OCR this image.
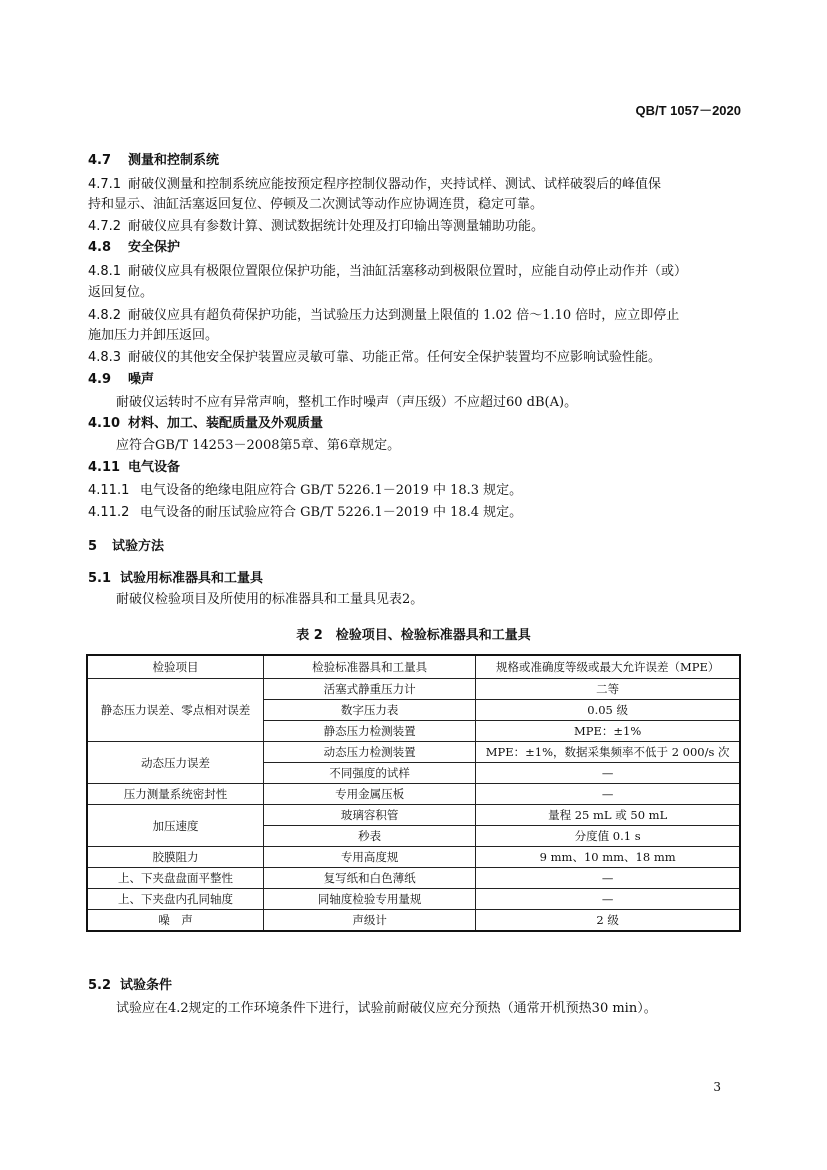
QB/T 1057－2020
4.7 测量和控制系统
4.7.1 耐破仪测量和控制系统应能按预定程序控制仪器动作，夹持试样、测试、试样破裂后的峰值保
持和显示、油缸活塞返回复位、停顿及二次测试等动作应协调连贯，稳定可靠。
4.7.2 耐破仪应具有参数计算、测试数据统计处理及打印输出等测量辅助功能。
4.8 安全保护
4.8.1 耐破仪应具有极限位置限位保护功能，当油缸活塞移动到极限位置时，应能自动停止动作并（或）
返回复位。
4.8.2 耐破仪应具有超负荷保护功能，当试验压力达到测量上限值的 1.02 倍～1.10 倍时，应立即停止
施加压力并卸压返回。
4.8.3 耐破仪的其他安全保护装置应灵敏可靠、功能正常。任何安全保护装置均不应影响试验性能。
4.9 噪声
耐破仪运转时不应有异常声响，整机工作时噪声（声压级）不应超过60 dB(A)。
4.10 材料、加工、装配质量及外观质量
应符合GB/T 14253－2008第5章、第6章规定。
4.11 电气设备
4.11.1 电气设备的绝缘电阻应符合 GB/T 5226.1－2019 中 18.3 规定。
4.11.2 电气设备的耐压试验应符合 GB/T 5226.1－2019 中 18.4 规定。
5 试验方法
5.1 试验用标准器具和工量具
耐破仪检验项目及所使用的标准器具和工量具见表2。
表 2　检验项目、检验标准器具和工量具
检验项目	检验标准器具和工量具	规格或准确度等级或最大允许误差（MPE）
静态压力误差、零点相对误差	活塞式静重压力计	二等
	数字压力表	0.05 级
	静态压力检测装置	MPE：±1%
动态压力误差	动态压力检测装置	MPE：±1%，数据采集频率不低于 2 000/s 次
	不同强度的试样	—
压力测量系统密封性	专用金属压板	—
加压速度	玻璃容积管	量程 25 mL 或 50 mL
	秒表	分度值 0.1 s
胶膜阻力	专用高度规	9 mm、10 mm、18 mm
上、下夹盘盘面平整性	复写纸和白色薄纸	—
上、下夹盘内孔同轴度	同轴度检验专用量规	—
噪　声	声级计	2 级
5.2 试验条件
试验应在4.2规定的工作环境条件下进行，试验前耐破仪应充分预热（通常开机预热30 min）。
3
